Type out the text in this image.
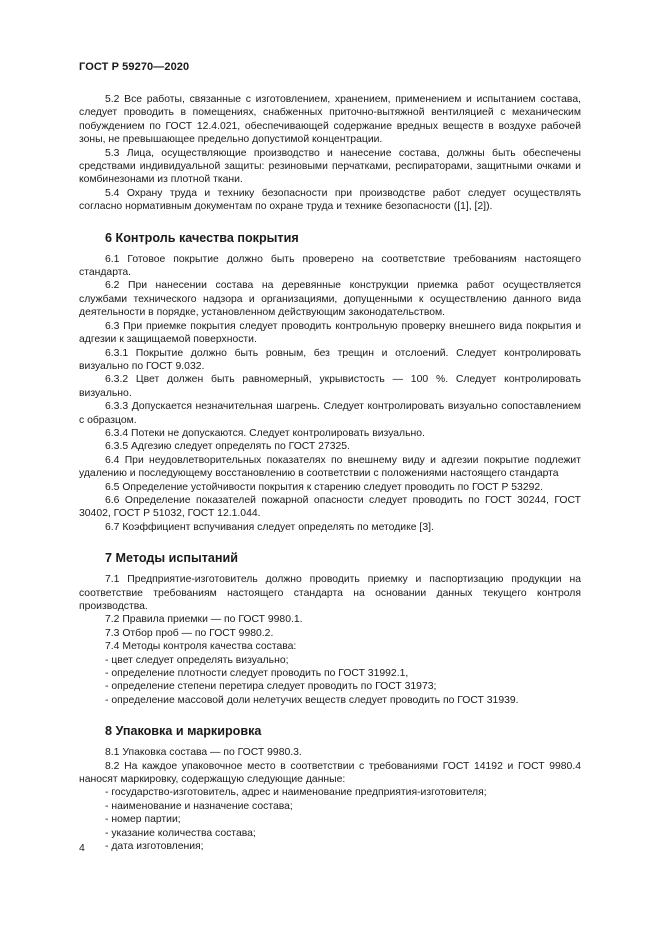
ГОСТ Р 59270—2020
5.2 Все работы, связанные с изготовлением, хранением, применением и испытанием состава, следует проводить в помещениях, снабженных приточно-вытяжной вентиляцией с механическим побуждением по ГОСТ 12.4.021, обеспечивающей содержание вредных веществ в воздухе рабочей зоны, не превышающее предельно допустимой концентрации.
5.3 Лица, осуществляющие производство и нанесение состава, должны быть обеспечены средствами индивидуальной защиты: резиновыми перчатками, респираторами, защитными очками и комбинезонами из плотной ткани.
5.4 Охрану труда и технику безопасности при производстве работ следует осуществлять согласно нормативным документам по охране труда и технике безопасности ([1], [2]).
6 Контроль качества покрытия
6.1 Готовое покрытие должно быть проверено на соответствие требованиям настоящего стандарта.
6.2 При нанесении состава на деревянные конструкции приемка работ осуществляется службами технического надзора и организациями, допущенными к осуществлению данного вида деятельности в порядке, установленном действующим законодательством.
6.3 При приемке покрытия следует проводить контрольную проверку внешнего вида покрытия и адгезии к защищаемой поверхности.
6.3.1 Покрытие должно быть ровным, без трещин и отслоений. Следует контролировать визуально по ГОСТ 9.032.
6.3.2 Цвет должен быть равномерный, укрывистость — 100 %. Следует контролировать визуально.
6.3.3 Допускается незначительная шагрень. Следует контролировать визуально сопоставлением с образцом.
6.3.4 Потеки не допускаются. Следует контролировать визуально.
6.3.5 Адгезию следует определять по ГОСТ 27325.
6.4 При неудовлетворительных показателях по внешнему виду и адгезии покрытие подлежит удалению и последующему восстановлению в соответствии с положениями настоящего стандарта
6.5 Определение устойчивости покрытия к старению следует проводить по ГОСТ Р 53292.
6.6 Определение показателей пожарной опасности следует проводить по ГОСТ 30244, ГОСТ 30402, ГОСТ Р 51032, ГОСТ 12.1.044.
6.7 Коэффициент вспучивания следует определять по методике [3].
7 Методы испытаний
7.1 Предприятие-изготовитель должно проводить приемку и паспортизацию продукции на соответствие требованиям настоящего стандарта на основании данных текущего контроля производства.
7.2 Правила приемки — по ГОСТ 9980.1.
7.3 Отбор проб — по ГОСТ 9980.2.
7.4 Методы контроля качества состава:
- цвет следует определять визуально;
- определение плотности следует проводить по ГОСТ 31992.1,
- определение степени перетира следует проводить по ГОСТ 31973;
- определение массовой доли нелетучих веществ следует проводить по ГОСТ 31939.
8 Упаковка и маркировка
8.1 Упаковка состава — по ГОСТ 9980.3.
8.2 На каждое упаковочное место в соответствии с требованиями ГОСТ 14192 и ГОСТ 9980.4 наносят маркировку, содержащую следующие данные:
- государство-изготовитель, адрес и наименование предприятия-изготовителя;
- наименование и назначение состава;
- номер партии;
- указание количества состава;
- дата изготовления;
4
